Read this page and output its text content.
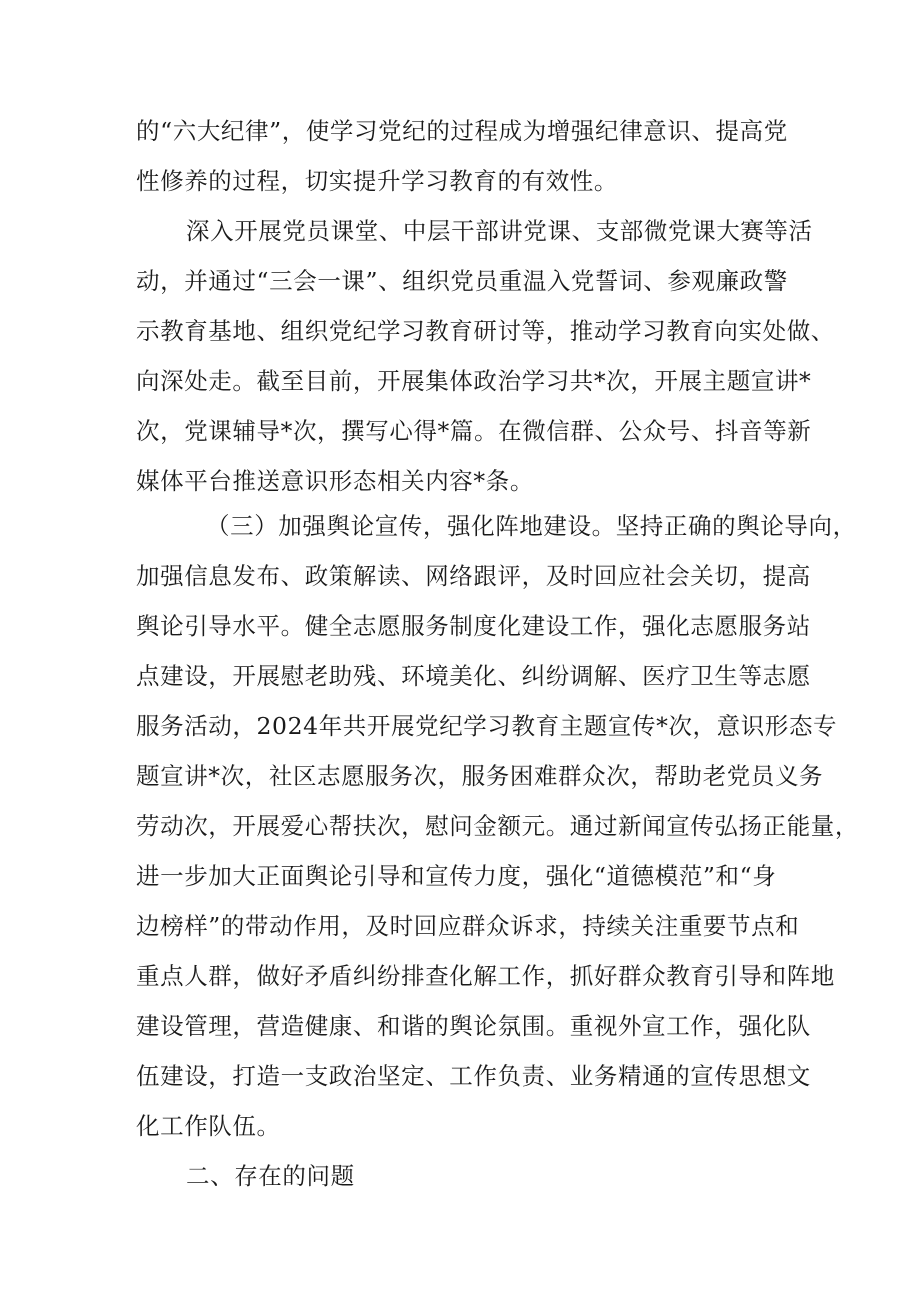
的“六大纪律”，使学习党纪的过程成为增强纪律意识、提高党
性修养的过程，切实提升学习教育的有效性。
深入开展党员课堂、中层干部讲党课、支部微党课大赛等活
动，并通过“三会一课”、组织党员重温入党誓词、参观廉政警
示教育基地、组织党纪学习教育研讨等，推动学习教育向实处做、
向深处走。截至目前，开展集体政治学习共*次，开展主题宣讲*
次，党课辅导*次，撰写心得*篇。在微信群、公众号、抖音等新
媒体平台推送意识形态相关内容*条。
（三）加强舆论宣传，强化阵地建设。坚持正确的舆论导向，
加强信息发布、政策解读、网络跟评，及时回应社会关切，提高
舆论引导水平。健全志愿服务制度化建设工作，强化志愿服务站
点建设，开展慰老助残、环境美化、纠纷调解、医疗卫生等志愿
服务活动，2024年共开展党纪学习教育主题宣传*次，意识形态专
题宣讲*次，社区志愿服务次，服务困难群众次，帮助老党员义务
劳动次，开展爱心帮扶次，慰问金额元。通过新闻宣传弘扬正能量，
进一步加大正面舆论引导和宣传力度，强化“道德模范”和“身
边榜样”的带动作用，及时回应群众诉求，持续关注重要节点和
重点人群，做好矛盾纠纷排查化解工作，抓好群众教育引导和阵地
建设管理，营造健康、和谐的舆论氛围。重视外宣工作，强化队
伍建设，打造一支政治坚定、工作负责、业务精通的宣传思想文
化工作队伍。
二、存在的问题
